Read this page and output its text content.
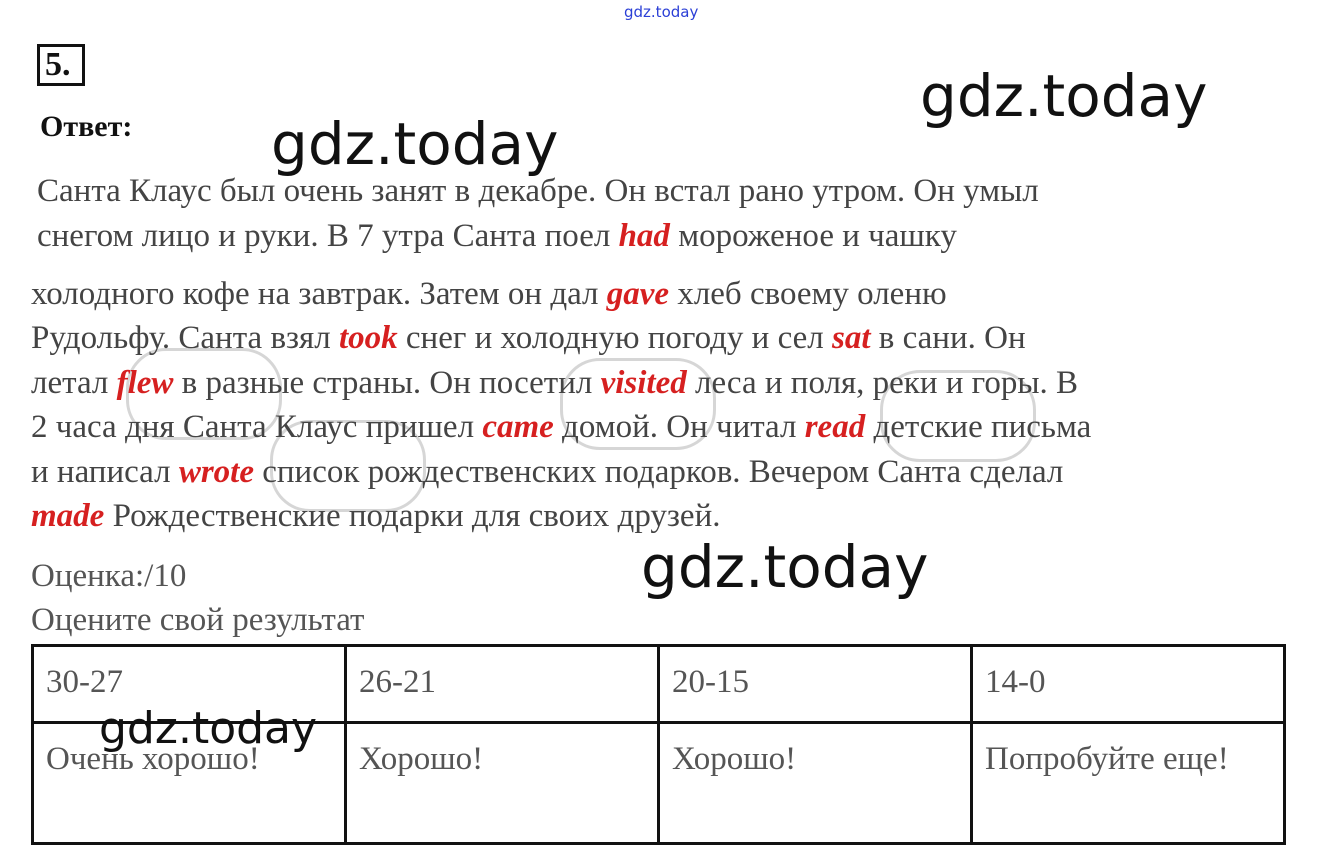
gdz.today
gdz.today
gdz.today
5.
Ответ:
Санта Клаус был очень занят в декабре. Он встал рано утром. Он умыл
снегом лицо и руки. В 7 утра Санта поел had мороженое и чашку
холодного кофе на завтрак. Затем он дал gave хлеб своему оленю
Рудольфу. Санта взял took снег и холодную погоду и сел sat в сани. Он
летал flew в разные страны. Он посетил visited леса и поля, реки и горы. В
2 часа дня Санта Клаус пришел came домой. Он читал read детские письма
и написал wrote список рождественских подарков. Вечером Санта сделал
made Рождественские подарки для своих друзей.
Оценка:/10	gdz.today
Оцените свой результат
30-27	26-21	20-15	14-0
Очень хорошо!	Хорошо!	Хорошо!	Попробуйте еще!
gdz.today
